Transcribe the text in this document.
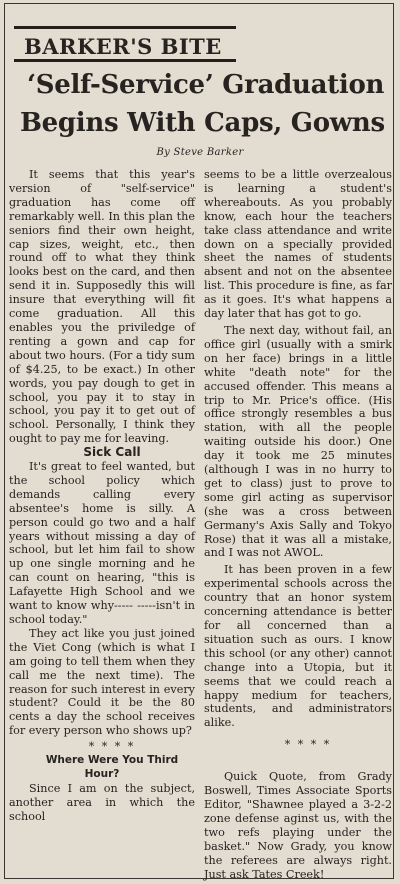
BARKER'S BITE
‘Self-Service’ Graduation
Begins With Caps, Gowns
By Steve Barker

It seems that this year's version of "self-service" graduation has come off remarkably well. In this plan the seniors find their own height, cap sizes, weight, etc., then round off to what they think looks best on the card, and then send it in. Supposedly this will insure that everything will fit come graduation. All this enables you the priviledge of renting a gown and cap for about two hours. (For a tidy sum of $4.25, to be exact.) In other words, you pay dough to get in school, you pay it to stay in school, you pay it to get out of school. Personally, I think they ought to pay me for leaving.

Sick Call

It's great to feel wanted, but the school policy which demands calling every absentee's home is silly. A person could go two and a half years without missing a day of school, but let him fail to show up one single morning and he can count on hearing, "this is Lafayette High School and we want to know why----- -----isn't in school today."

They act like you just joined the Viet Cong (which is what I am going to tell them when they call me the next time). The reason for such interest in every student? Could it be the 80 cents a day the school receives for every person who shows up?

* * * *

Where Were You Third Hour?

Since I am on the subject, another area in which the school

seems to be a little overzealous is learning a student's whereabouts. As you probably know, each hour the teachers take class attendance and write down on a specially provided sheet the names of students absent and not on the absentee list. This procedure is fine, as far as it goes. It's what happens a day later that has got to go.

The next day, without fail, an office girl (usually with a smirk on her face) brings in a little white "death note" for the accused offender. This means a trip to Mr. Price's office. (His office strongly resembles a bus station, with all the people waiting outside his door.) One day it took me 25 minutes (although I was in no hurry to get to class) just to prove to some girl acting as supervisor (she was a cross between Germany's Axis Sally and Tokyo Rose) that it was all a mistake, and I was not AWOL.

It has been proven in a few experimental schools across the country that an honor system concerning attendance is better for all concerned than a situation such as ours. I know this school (or any other) cannot change into a Utopia, but it seems that we could reach a happy medium for teachers, students, and administrators alike.

* * * *

Quick Quote, from Grady Boswell, Times Associate Sports Editor, "Shawnee played a 3-2-2 zone defense aginst us, with the two refs playing under the basket." Now Grady, you know the referees are always right. Just ask Tates Creek!
